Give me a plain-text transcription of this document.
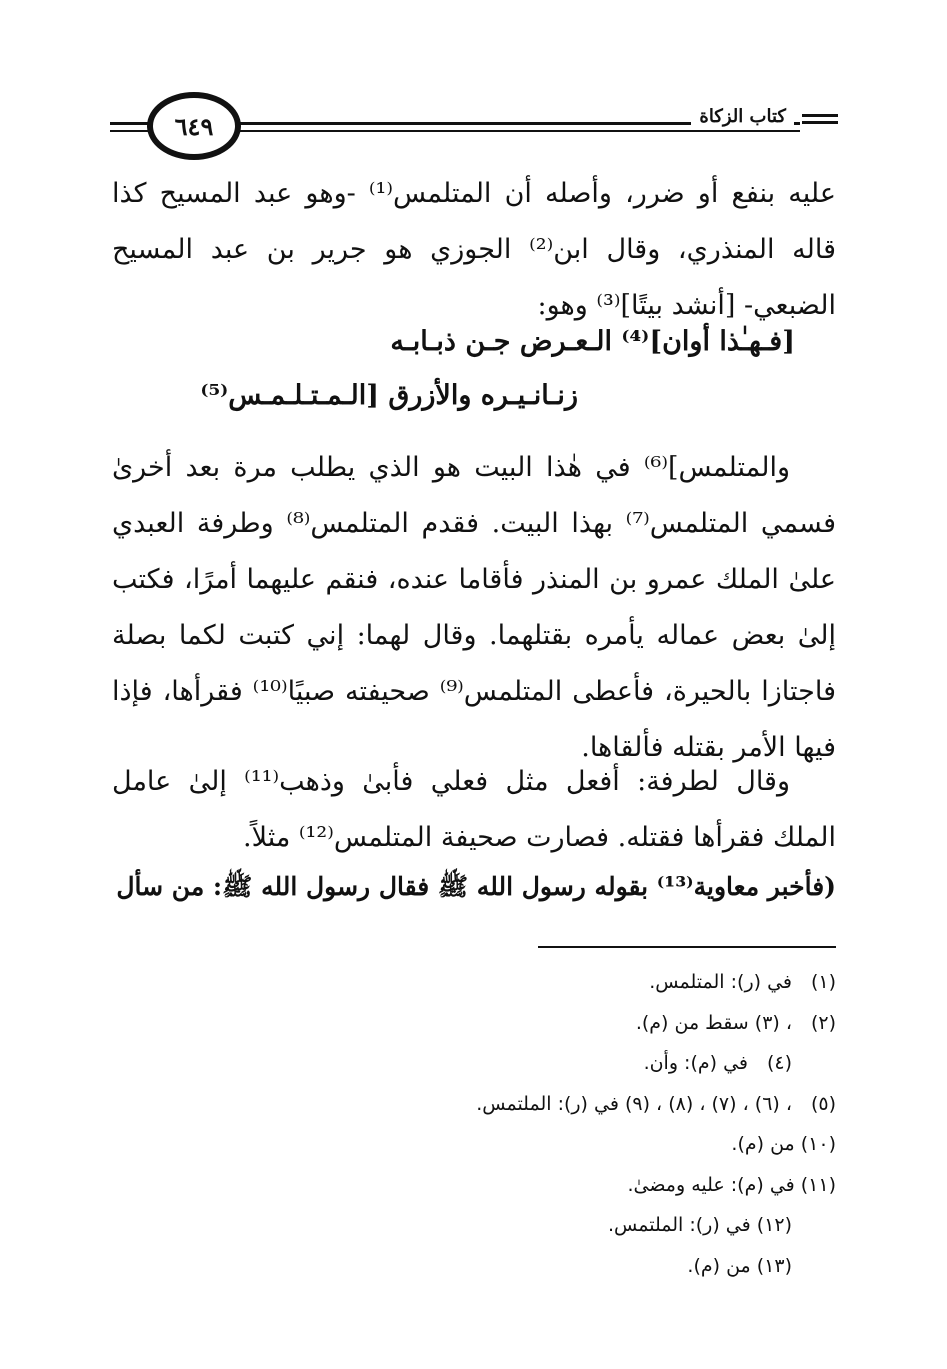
٦٤٩	كتاب الزكاة

عليه بنفع أو ضرر، وأصله أن المتلمس⁽¹⁾ -وهو عبد المسيح كذا قاله المنذري، وقال ابن⁽²⁾ الجوزي هو جرير بن عبد المسيح الضبعي- [أنشد بيتًا]⁽³⁾ وهو:

[فـهـٰذا أوان]⁽⁴⁾ الـعـرض جـن ذبـابـه
زنـانـيـره والأزرق [الـمـتـلـمـس⁽⁵⁾
والمتلمس]⁽⁶⁾ في هٰذا البيت هو الذي يطلب مرة بعد أخرىٰ فسمي المتلمس⁽⁷⁾ بهذا البيت. فقدم المتلمس⁽⁸⁾ وطرفة العبدي علىٰ الملك عمرو بن المنذر فأقاما عنده، فنقم عليهما أمرًا، فكتب إلىٰ بعض عماله يأمره بقتلهما. وقال لهما: إني كتبت لكما بصلة فاجتازا بالحيرة، فأعطى المتلمس⁽⁹⁾ صحيفته صبيًا⁽¹⁰⁾ فقرأها، فإذا فيها الأمر بقتله فألقاها.
وقال لطرفة: أفعل مثل فعلي فأبىٰ وذهب⁽¹¹⁾ إلىٰ عامل الملك فقرأها فقتله. فصارت صحيفة المتلمس⁽¹²⁾ مثلاً.
(فأخبر معاوية⁽¹³⁾ بقوله رسول الله ﷺ فقال رسول الله ﷺ: من سأل
(١)في (ر): المتلمس.
(٢)، (٣) سقط من (م).
(٤)في (م): وأن.
(٥)، (٦) ، (٧) ، (٨) ، (٩) في (ر): الملتمس.
(١٠)من (م).
(١١)في (م): عليه ومضىٰ.
(١٢)في (ر): الملتمس.
(١٣)من (م).
